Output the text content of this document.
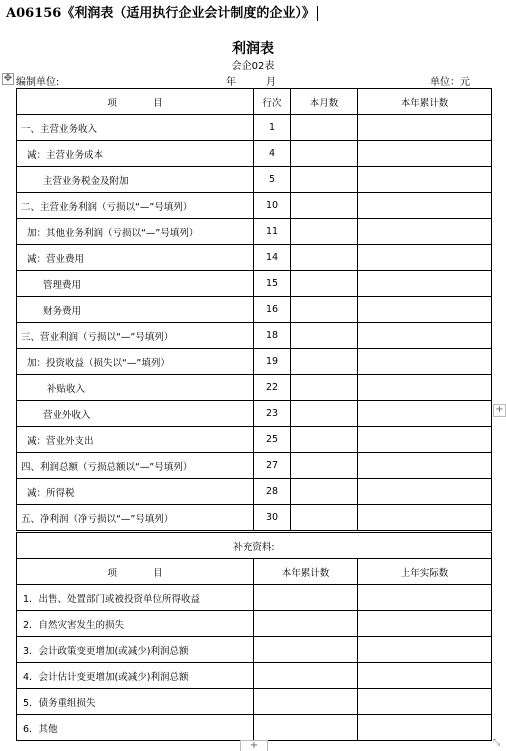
A06156《利润表（适用执行企业会计制度的企业）》
利润表
会企02表
✥ 编制单位:	年	月	单位：元
项            目	行次	本月数	本年累计数
一、主营业务收入	1		
减：主营业务成本	4		
主营业务税金及附加	5		
二、主营业务利润（亏损以“—”号填列）	10		
加：其他业务利润（亏损以“—”号填列）	11		
减：营业费用	14		
管理费用	15		
财务费用	16		
三、营业利润（亏损以“—”号填列）	18		
加：投资收益（损失以“—”填列）	19		
补贴收入	22		
营业外收入	23		
减：营业外支出	25		
四、利润总额（亏损总额以“—”号填列）	27		
减：所得税	28		
五、净利润（净亏损以“—”号填列）	30		
补充资料:		
项            目	本年累计数	上年实际数
1．出售、处置部门或被投资单位所得收益		
2．自然灾害发生的损失		
3．会计政策变更增加(或减少)利润总额		
4．会计估计变更增加(或减少)利润总额		
5．债务重组损失		
6．其他		
+
+	⤡
